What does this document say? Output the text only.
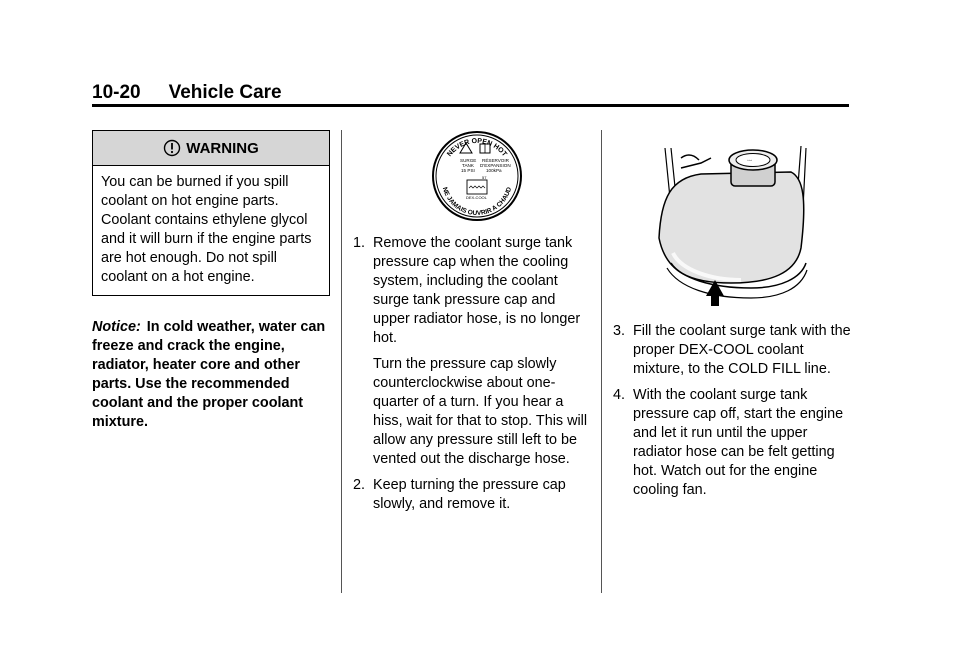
10-20 Vehicle Care
WARNING
You can be burned if you spill coolant on hot engine parts. Coolant contains ethylene glycol and it will burn if the engine parts are hot enough. Do not spill coolant on a hot engine.
Notice: In cold weather, water can freeze and crack the engine, radiator, heater core and other parts. Use the recommended coolant and the proper coolant mixture.
NEVER OPEN HOT
NE JAMAIS OUVRIR A CHAUD
SURGE
TANK
15 PSI
RÉSERVOIR
D'EXPANSION
100kPa
57
DEX-COOL
1. Remove the coolant surge tank pressure cap when the cooling system, including the coolant surge tank pressure cap and upper radiator hose, is no longer hot.

Turn the pressure cap slowly counterclockwise about one-quarter of a turn. If you hear a hiss, wait for that to stop. This will allow any pressure still left to be vented out the discharge hose.

2. Keep turning the pressure cap slowly, and remove it.
◦◦◦
3. Fill the coolant surge tank with the proper DEX-COOL coolant mixture, to the COLD FILL line.
4. With the coolant surge tank pressure cap off, start the engine and let it run until the upper radiator hose can be felt getting hot. Watch out for the engine cooling fan.
